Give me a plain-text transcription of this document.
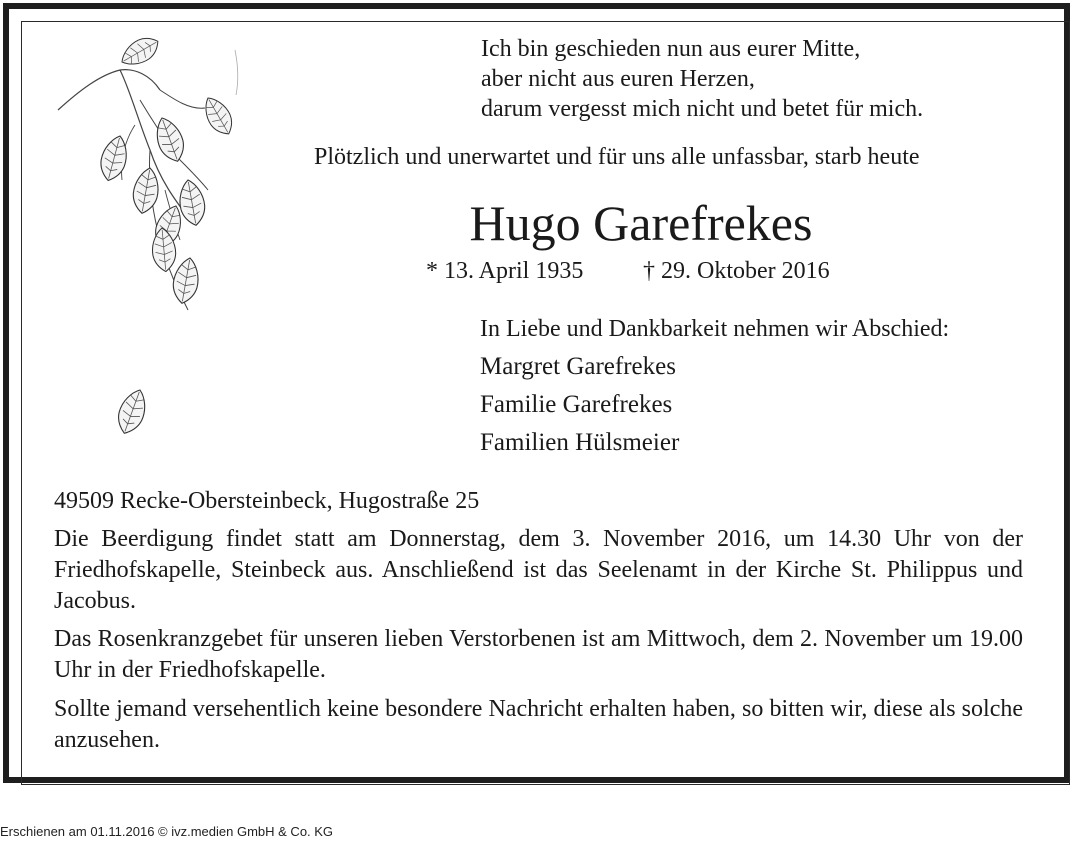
Ich bin geschieden nun aus eurer Mitte,
aber nicht aus euren Herzen,
darum vergesst mich nicht und betet für mich.
Plötzlich und unerwartet und für uns alle unfassbar, starb heute
Hugo Garefrekes
* 13. April 1935 † 29. Oktober 2016
In Liebe und Dankbarkeit nehmen wir Abschied:
Margret Garefrekes
Familie Garefrekes
Familien Hülsmeier
49509 Recke-Obersteinbeck, Hugostraße 25
Die Beerdigung findet statt am Donnerstag, dem 3. November 2016, um 14.30 Uhr von der Friedhofskapelle, Steinbeck aus. Anschließend ist das Seelenamt in der Kirche St. Philippus und Jacobus.
Das Rosenkranzgebet für unseren lieben Verstorbenen ist am Mittwoch, dem 2. November um 19.00 Uhr in der Friedhofskapelle.
Sollte jemand versehentlich keine besondere Nachricht erhalten haben, so bitten wir, diese als solche anzusehen.
Erschienen am 01.11.2016 © ivz.medien GmbH & Co. KG
